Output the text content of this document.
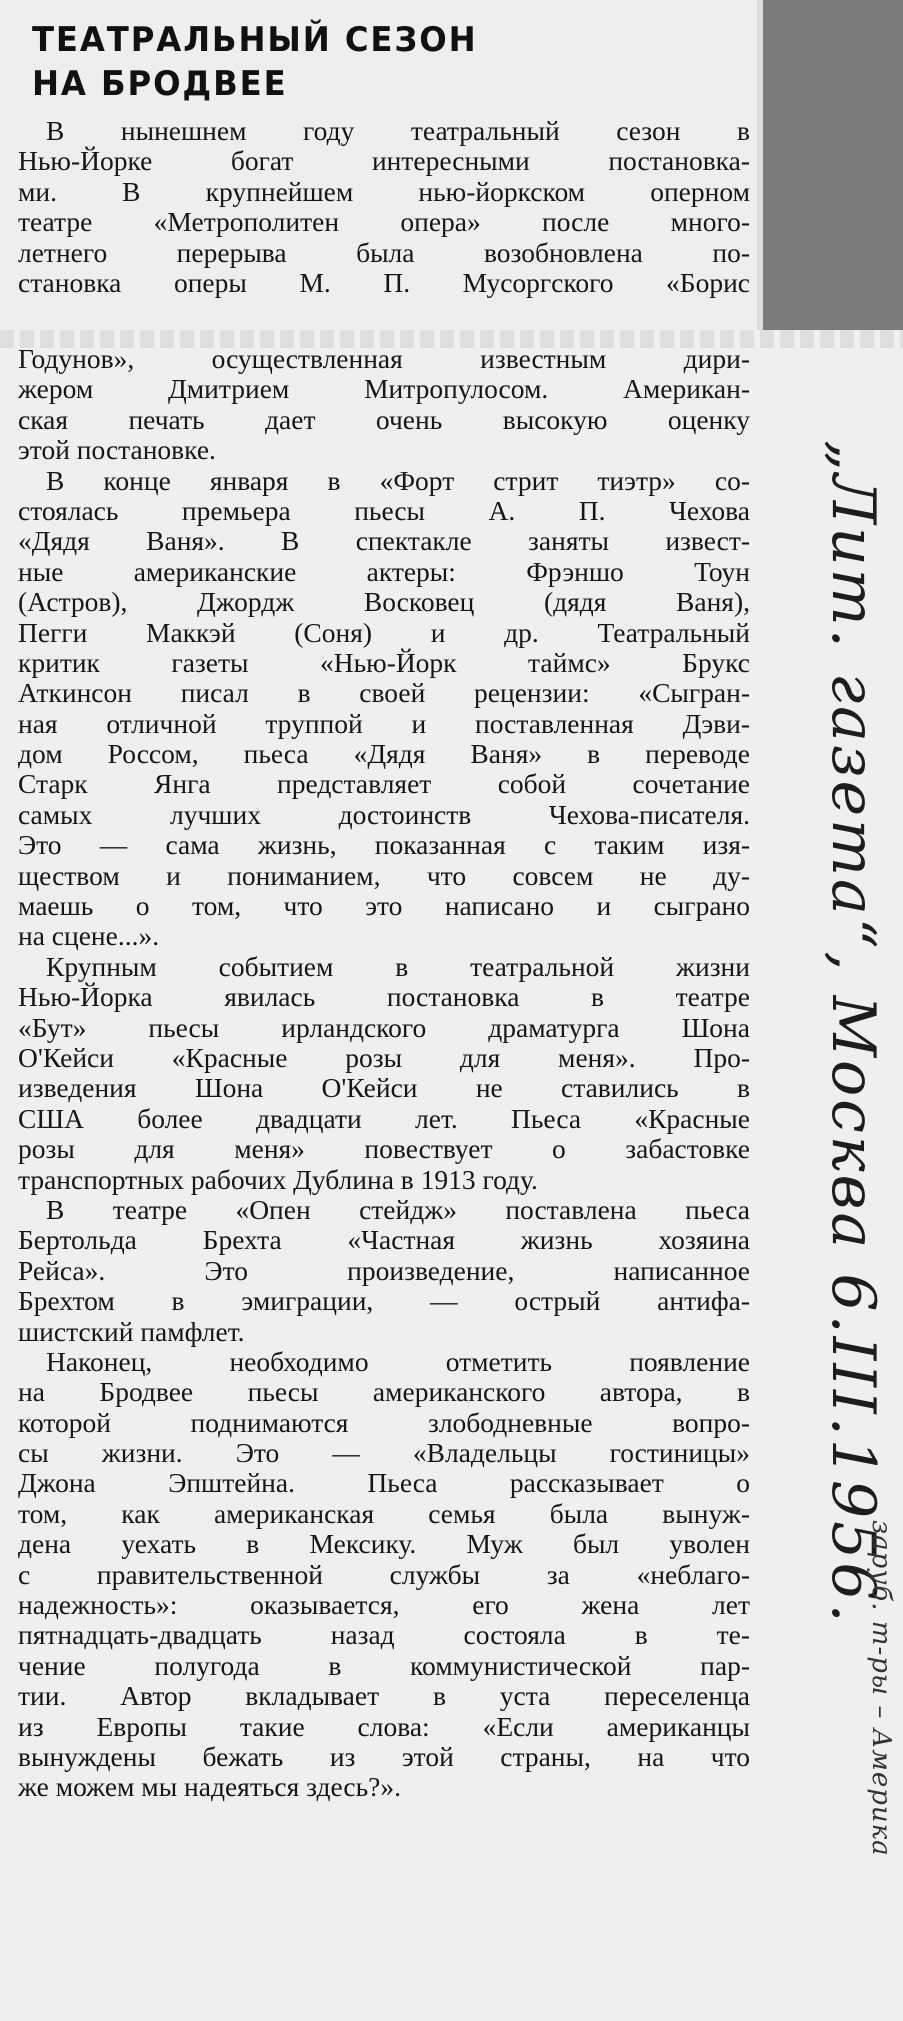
ТЕАТРАЛЬНЫЙ СЕЗОН
НА БРОДВЕЕ
В нынешнем году театральный сезон в
Нью-Йорке богат интересными постановка-
ми. В крупнейшем нью-йоркском оперном
театре «Метрополитен опера» после много-
летнего перерыва была возобновлена по-
становка оперы М. П. Мусоргского «Борис
Годунов», осуществленная известным дири-
жером Дмитрием Митропулосом. Американ-
ская печать дает очень высокую оценку
этой постановке.
В конце января в «Форт стрит тиэтр» со-
стоялась премьера пьесы А. П. Чехова
«Дядя Ваня». В спектакле заняты извест-
ные американские актеры: Фрэншо Тоун
(Астров), Джордж Восковец (дядя Ваня),
Пегги Маккэй (Соня) и др. Театральный
критик газеты «Нью-Йорк таймс» Брукс
Аткинсон писал в своей рецензии: «Сыгран-
ная отличной труппой и поставленная Дэви-
дом Россом, пьеса «Дядя Ваня» в переводе
Старк Янга представляет собой сочетание
самых лучших достоинств Чехова-писателя.
Это — сама жизнь, показанная с таким изя-
ществом и пониманием, что совсем не ду-
маешь о том, что это написано и сыграно
на сцене...».
Крупным событием в театральной жизни
Нью-Йорка явилась постановка в театре
«Бут» пьесы ирландского драматурга Шона
О'Кейси «Красные розы для меня». Про-
изведения Шона О'Кейси не ставились в
США более двадцати лет. Пьеса «Красные
розы для меня» повествует о забастовке
транспортных рабочих Дублина в 1913 году.
В театре «Опен стейдж» поставлена пьеса
Бертольда Брехта «Частная жизнь хозяина
Рейса». Это произведение, написанное
Брехтом в эмиграции, — острый антифа-
шистский памфлет.
Наконец, необходимо отметить появление
на Бродвее пьесы американского автора, в
которой поднимаются злободневные вопро-
сы жизни. Это — «Владельцы гостиницы»
Джона Эпштейна. Пьеса рассказывает о
том, как американская семья была вынуж-
дена уехать в Мексику. Муж был уволен
с правительственной службы за «неблаго-
надежность»: оказывается, его жена лет
пятнадцать-двадцать назад состояла в те-
чение полугода в коммунистической пар-
тии. Автор вкладывает в уста переселенца
из Европы такие слова: «Если американцы
вынуждены бежать из этой страны, на что
же можем мы надеяться здесь?».
„Лит. газета“, Москва 6.III.1956.
заруб. т-ры – Америка
